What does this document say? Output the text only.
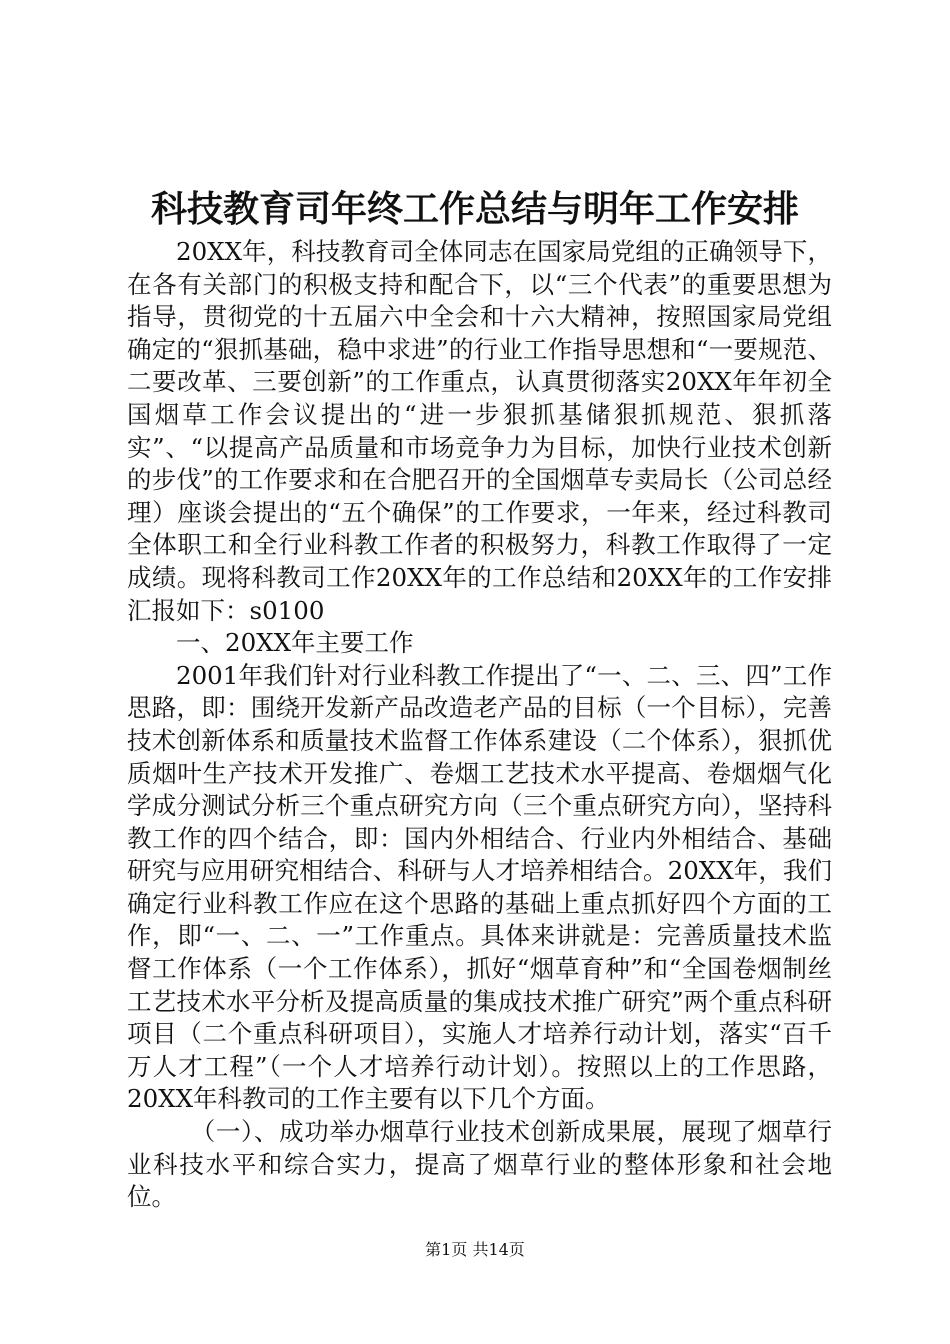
科技教育司年终工作总结与明年工作安排

20XX年，科技教育司全体同志在国家局党组的正确领导下，在各有关部门的积极支持和配合下，以“三个代表”的重要思想为指导，贯彻党的十五届六中全会和十六大精神，按照国家局党组确定的“狠抓基础，稳中求进”的行业工作指导思想和“一要规范、二要改革、三要创新”的工作重点，认真贯彻落实20XX年年初全国烟草工作会议提出的“进一步狠抓基储狠抓规范、狠抓落实”、“以提高产品质量和市场竞争力为目标，加快行业技术创新的步伐”的工作要求和在合肥召开的全国烟草专卖局长（公司总经理）座谈会提出的“五个确保”的工作要求，一年来，经过科教司全体职工和全行业科教工作者的积极努力，科教工作取得了一定成绩。现将科教司工作20XX年的工作总结和20XX年的工作安排汇报如下：s0100

一、20XX年主要工作

2001年我们针对行业科教工作提出了“一、二、三、四”工作思路，即：围绕开发新产品改造老产品的目标（一个目标），完善技术创新体系和质量技术监督工作体系建设（二个体系），狠抓优质烟叶生产技术开发推广、卷烟工艺技术水平提高、卷烟烟气化学成分测试分析三个重点研究方向（三个重点研究方向），坚持科教工作的四个结合，即：国内外相结合、行业内外相结合、基础研究与应用研究相结合、科研与人才培养相结合。20XX年，我们确定行业科教工作应在这个思路的基础上重点抓好四个方面的工作，即“一、二、一”工作重点。具体来讲就是：完善质量技术监督工作体系（一个工作体系），抓好“烟草育种”和“全国卷烟制丝工艺技术水平分析及提高质量的集成技术推广研究”两个重点科研项目（二个重点科研项目），实施人才培养行动计划，落实“百千万人才工程”（一个人才培养行动计划）。按照以上的工作思路，20XX年科教司的工作主要有以下几个方面。

（一）、成功举办烟草行业技术创新成果展，展现了烟草行业科技水平和综合实力，提高了烟草行业的整体形象和社会地位。

第1页 共14页
